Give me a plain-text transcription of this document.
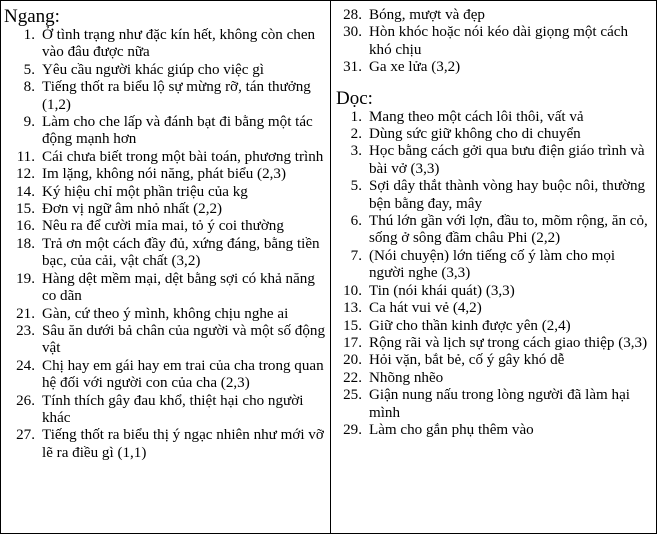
Ngang:
1. Ở tình trạng như đặc kín hết, không còn chen vào đâu được nữa
5. Yêu cầu người khác giúp cho việc gì
8. Tiếng thốt ra biểu lộ sự mừng rỡ, tán thưởng (1,2)
9. Làm cho che lấp và đánh bạt đi bằng một tác động mạnh hơn
11. Cái chưa biết trong một bài toán, phương trình
12. Im lặng, không nói năng, phát biểu (2,3)
14. Ký hiệu chỉ một phần triệu của kg
15. Đơn vị ngữ âm nhỏ nhất (2,2)
16. Nêu ra để cười mỉa mai, tỏ ý coi thường
18. Trả ơn một cách đầy đủ, xứng đáng, bằng tiền bạc, của cải, vật chất (3,2)
19. Hàng dệt mềm mại, dệt bằng sợi có khả năng co dãn
21. Gàn, cứ theo ý mình, không chịu nghe ai
23. Sâu ăn dưới bả chân của người và một số động vật
24. Chị hay em gái hay em trai của cha trong quan hệ đối với người con của cha (2,3)
26. Tính thích gây đau khổ, thiệt hại cho người khác
27. Tiếng thốt ra biểu thị ý ngạc nhiên như mới vỡ lẽ ra điều gì (1,1)
28. Bóng, mượt và đẹp
30. Hòn khóc hoặc nói kéo dài giọng một cách khó chịu
31. Ga xe lửa (3,2)
Dọc:
1. Mang theo một cách lôi thôi, vất vả
2. Dùng sức giữ không cho di chuyển
3. Học bằng cách gởi qua bưu điện giáo trình và bài vở (3,3)
5. Sợi dây thắt thành vòng hay buộc nôi, thường bện bằng đay, mây
6. Thú lớn gần với lợn, đầu to, mõm rộng, ăn cỏ, sống ở sông đầm châu Phi (2,2)
7. (Nói chuyện) lớn tiếng cố ý làm cho mọi người nghe (3,3)
10. Tin (nói khái quát) (3,3)
13. Ca hát vui vẻ (4,2)
15. Giữ cho thần kinh được yên (2,4)
17. Rộng rãi và lịch sự trong cách giao thiệp (3,3)
20. Hỏi vặn, bắt bẻ, cố ý gây khó dễ
22. Nhõng nhẽo
25. Giận nung nấu trong lòng người đã làm hại mình
29. Làm cho gắn phụ thêm vào
